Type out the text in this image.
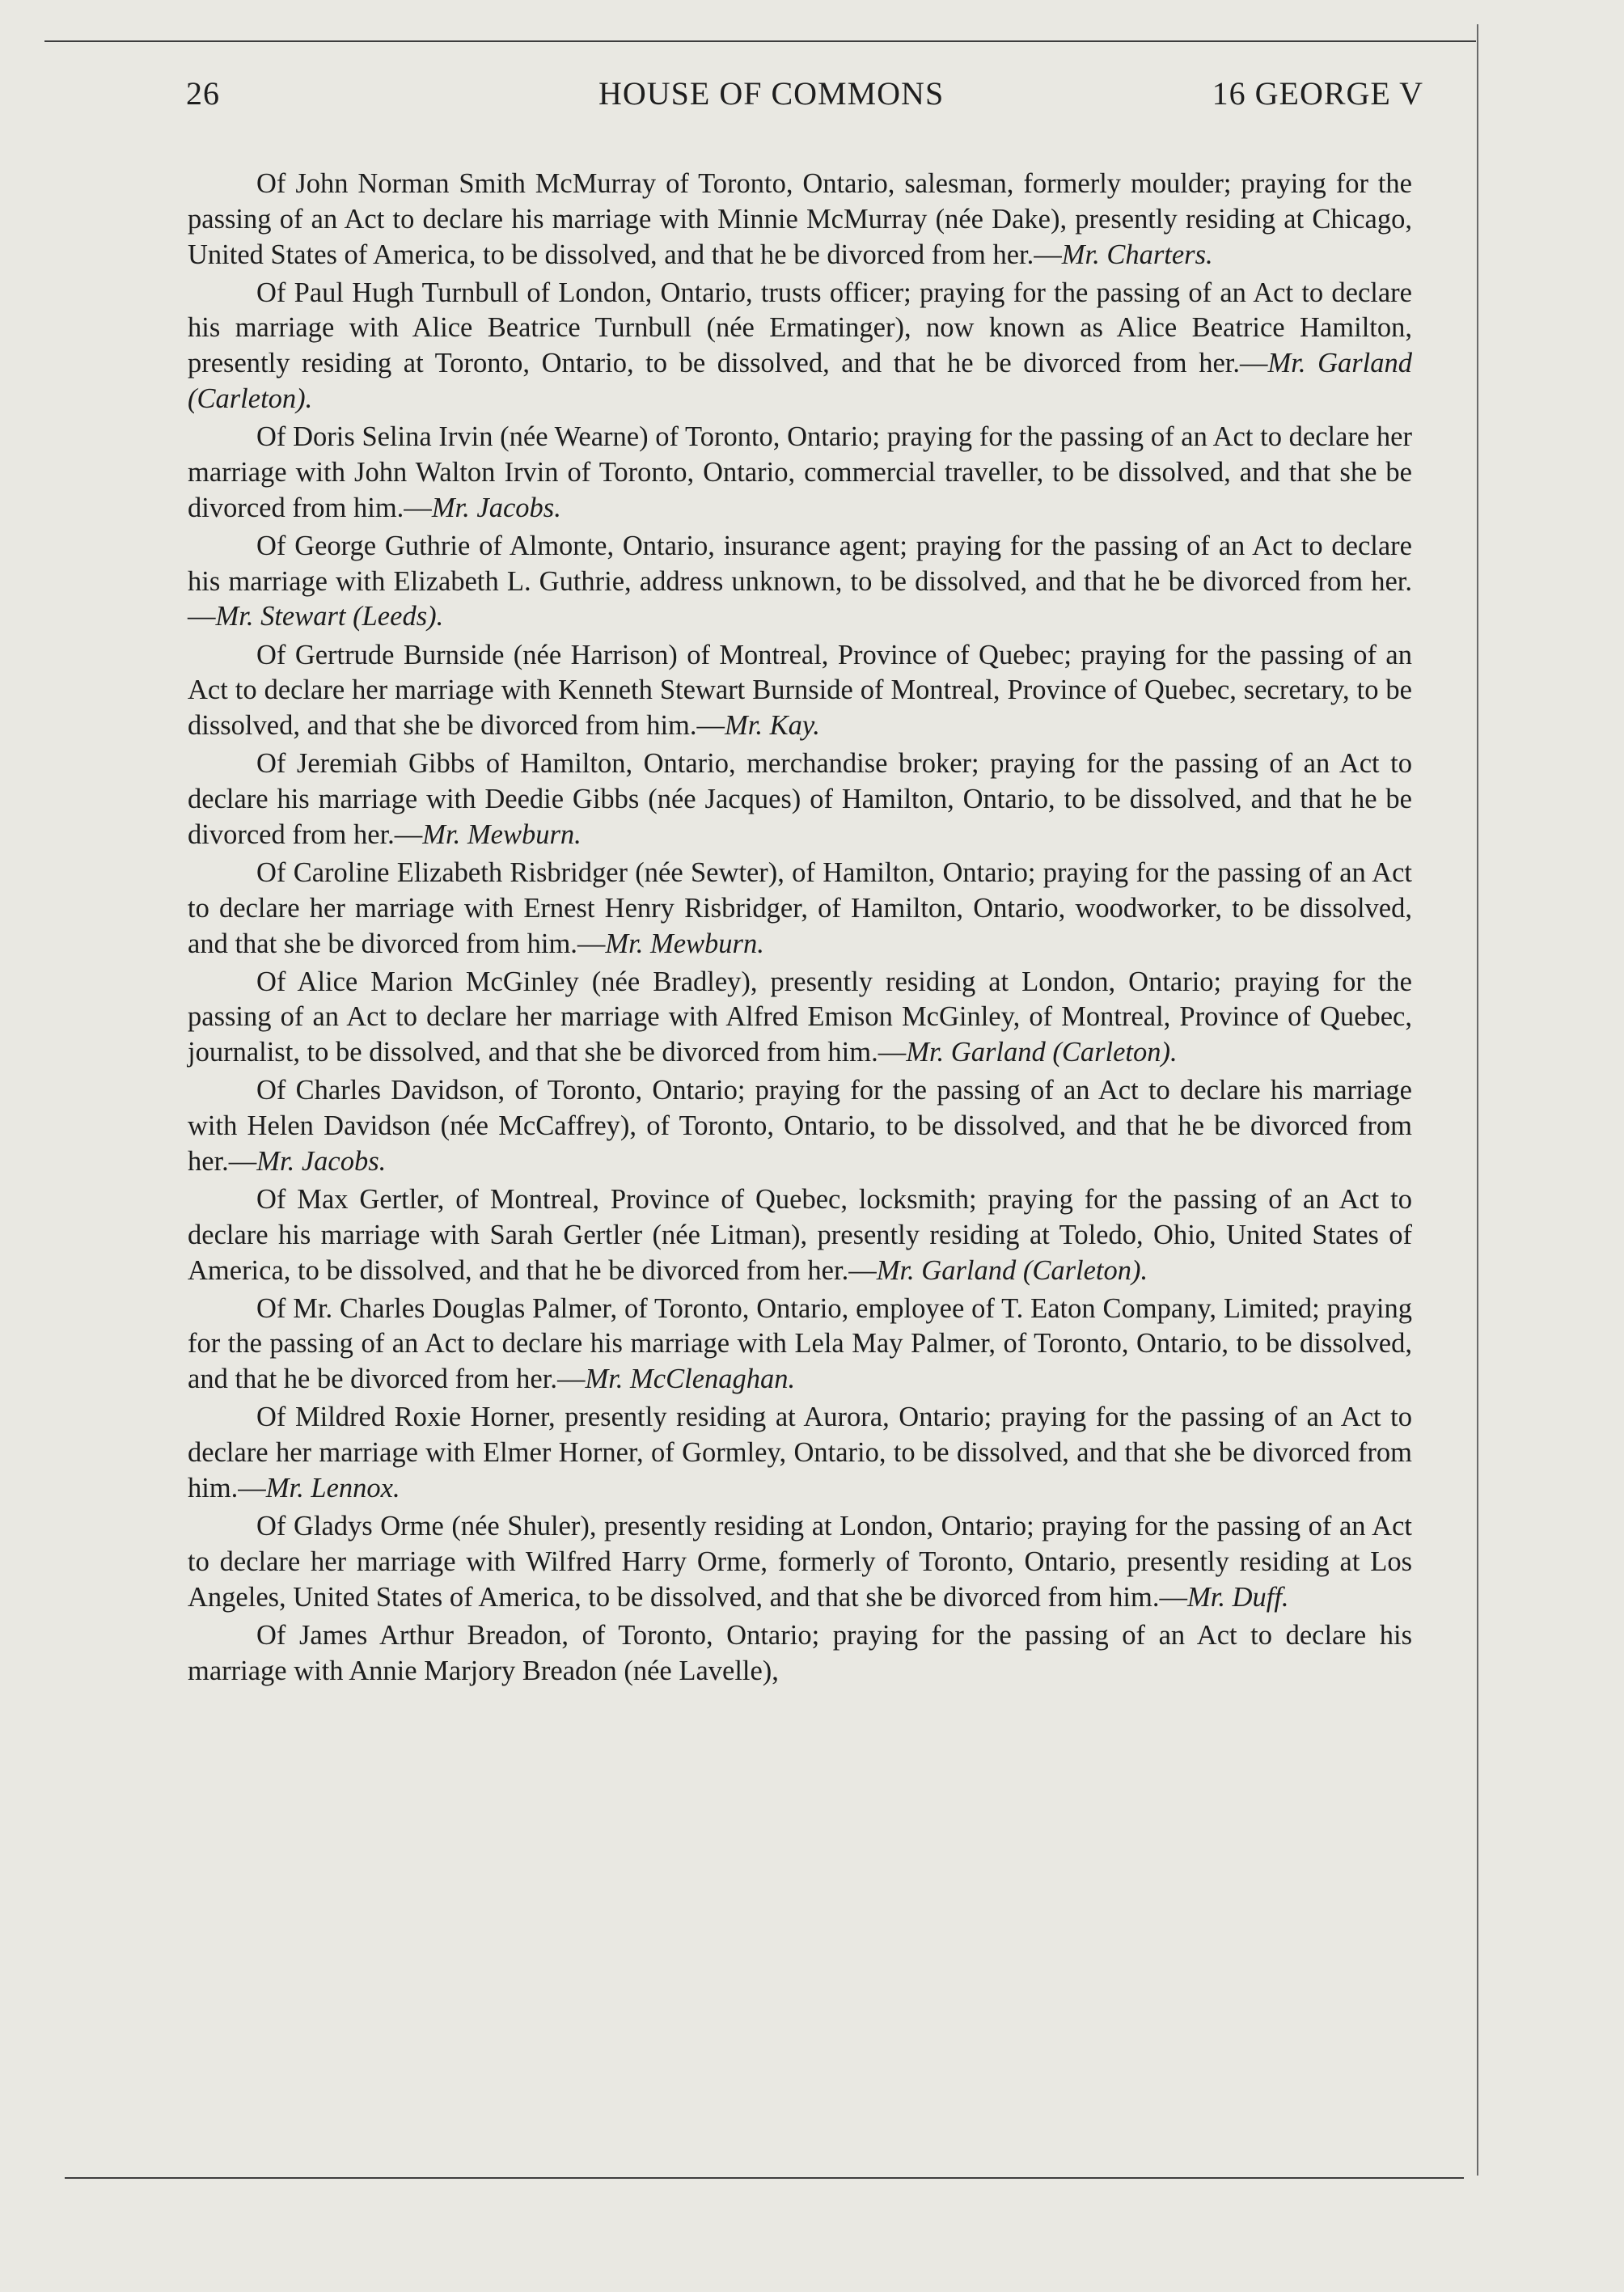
26	HOUSE OF COMMONS	16 GEORGE V

Of John Norman Smith McMurray of Toronto, Ontario, salesman, formerly moulder; praying for the passing of an Act to declare his marriage with Minnie McMurray (née Dake), presently residing at Chicago, United States of America, to be dissolved, and that he be divorced from her.—Mr. Charters.

Of Paul Hugh Turnbull of London, Ontario, trusts officer; praying for the passing of an Act to declare his marriage with Alice Beatrice Turnbull (née Ermatinger), now known as Alice Beatrice Hamilton, presently residing at Toronto, Ontario, to be dissolved, and that he be divorced from her.—Mr. Garland (Carleton).

Of Doris Selina Irvin (née Wearne) of Toronto, Ontario; praying for the passing of an Act to declare her marriage with John Walton Irvin of Toronto, Ontario, commercial traveller, to be dissolved, and that she be divorced from him.—Mr. Jacobs.

Of George Guthrie of Almonte, Ontario, insurance agent; praying for the passing of an Act to declare his marriage with Elizabeth L. Guthrie, address unknown, to be dissolved, and that he be divorced from her.—Mr. Stewart (Leeds).

Of Gertrude Burnside (née Harrison) of Montreal, Province of Quebec; praying for the passing of an Act to declare her marriage with Kenneth Stewart Burnside of Montreal, Province of Quebec, secretary, to be dissolved, and that she be divorced from him.—Mr. Kay.

Of Jeremiah Gibbs of Hamilton, Ontario, merchandise broker; praying for the passing of an Act to declare his marriage with Deedie Gibbs (née Jacques) of Hamilton, Ontario, to be dissolved, and that he be divorced from her.—Mr. Mewburn.

Of Caroline Elizabeth Risbridger (née Sewter), of Hamilton, Ontario; praying for the passing of an Act to declare her marriage with Ernest Henry Risbridger, of Hamilton, Ontario, woodworker, to be dissolved, and that she be divorced from him.—Mr. Mewburn.

Of Alice Marion McGinley (née Bradley), presently residing at London, Ontario; praying for the passing of an Act to declare her marriage with Alfred Emison McGinley, of Montreal, Province of Quebec, journalist, to be dissolved, and that she be divorced from him.—Mr. Garland (Carleton).

Of Charles Davidson, of Toronto, Ontario; praying for the passing of an Act to declare his marriage with Helen Davidson (née McCaffrey), of Toronto, Ontario, to be dissolved, and that he be divorced from her.—Mr. Jacobs.

Of Max Gertler, of Montreal, Province of Quebec, locksmith; praying for the passing of an Act to declare his marriage with Sarah Gertler (née Litman), presently residing at Toledo, Ohio, United States of America, to be dissolved, and that he be divorced from her.—Mr. Garland (Carleton).

Of Mr. Charles Douglas Palmer, of Toronto, Ontario, employee of T. Eaton Company, Limited; praying for the passing of an Act to declare his marriage with Lela May Palmer, of Toronto, Ontario, to be dissolved, and that he be divorced from her.—Mr. McClenaghan.

Of Mildred Roxie Horner, presently residing at Aurora, Ontario; praying for the passing of an Act to declare her marriage with Elmer Horner, of Gormley, Ontario, to be dissolved, and that she be divorced from him.—Mr. Lennox.

Of Gladys Orme (née Shuler), presently residing at London, Ontario; praying for the passing of an Act to declare her marriage with Wilfred Harry Orme, formerly of Toronto, Ontario, presently residing at Los Angeles, United States of America, to be dissolved, and that she be divorced from him.—Mr. Duff.

Of James Arthur Breadon, of Toronto, Ontario; praying for the passing of an Act to declare his marriage with Annie Marjory Breadon (née Lavelle),
